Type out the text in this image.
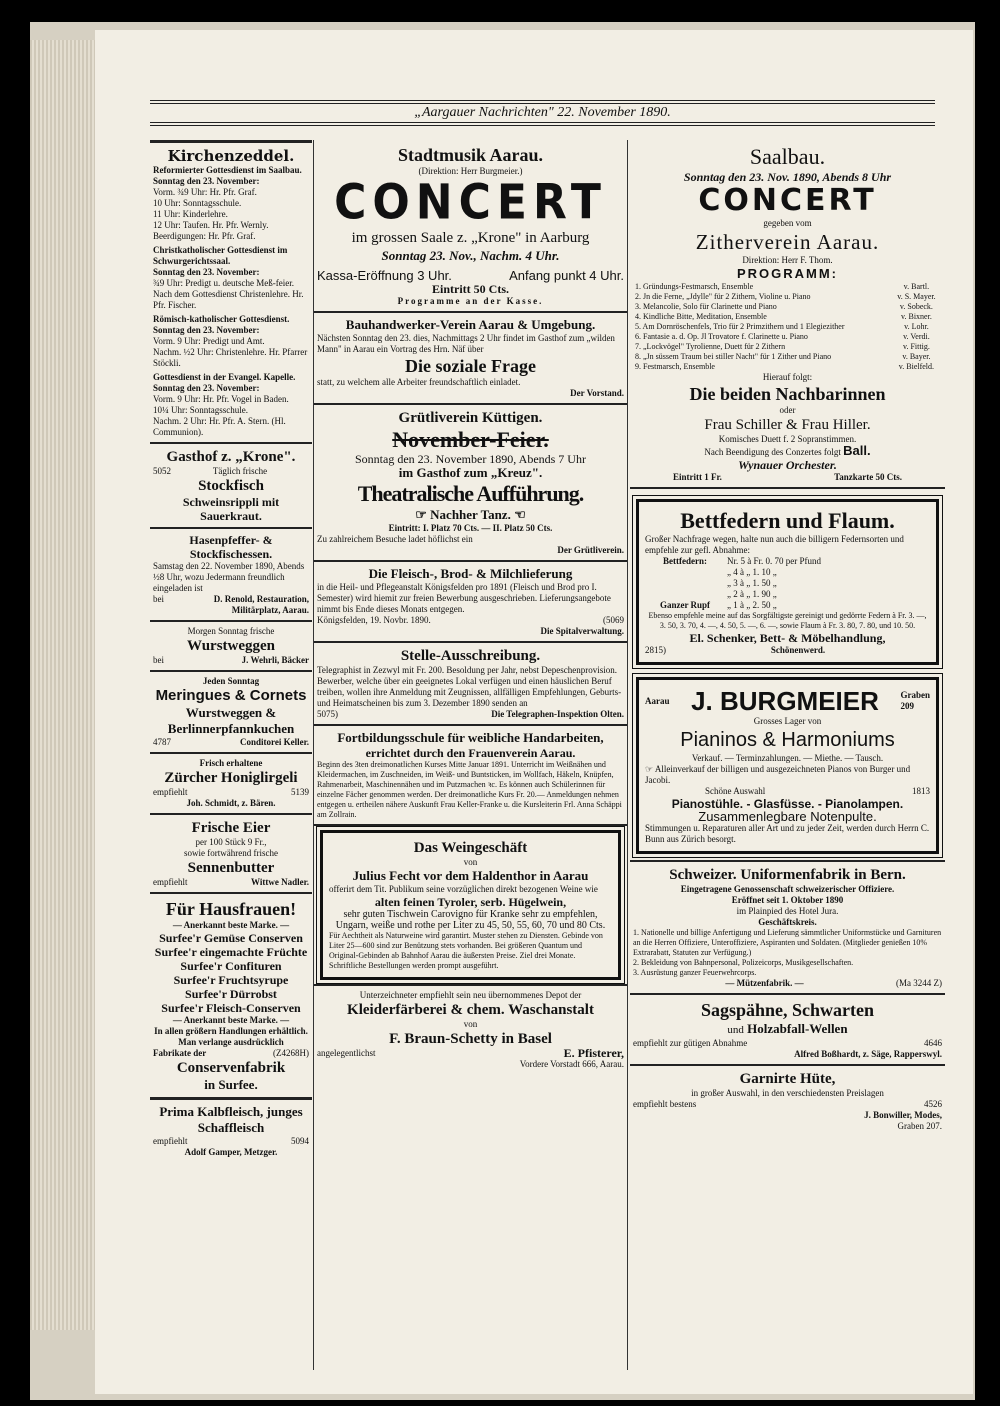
„Aargauer Nachrichten" 22. November 1890.
Kirchenzeddel.
Reformierter Gottesdienst im Saalbau.
Sonntag den 23. November:
Vorm. ¾9 Uhr: Hr. Pfr. Graf.
10 Uhr: Sonntagsschule.
11 Uhr: Kinderlehre.
12 Uhr: Taufen. Hr. Pfr. Wernly.
Beerdigungen: Hr. Pfr. Graf.
Christkatholischer Gottesdienst im Schwurgerichtssaal.
Sonntag den 23. November:
¾9 Uhr: Predigt u. deutsche Meß-feier.
Nach dem Gottesdienst Christenlehre. Hr. Pfr. Fischer.
Römisch-katholischer Gottesdienst.
Sonntag den 23. November:
Vorm. 9 Uhr: Predigt und Amt.
Nachm. ½2 Uhr: Christenlehre. Hr. Pfarrer Stöckli.
Gottesdienst in der Evangel. Kapelle.
Sonntag den 23. November:
Vorm. 9 Uhr: Hr. Pfr. Vogel in Baden.
10¼ Uhr: Sonntagsschule.
Nachm. 2 Uhr: Hr. Pfr. A. Stern. (Hl. Communion).
Gasthof z. „Krone".
5052	Täglich frische
Stockfisch
Schweinsrippli mit Sauerkraut.
Hasenpfeffer- & Stockfischessen.
Samstag den 22. November 1890, Abends ½8 Uhr, wozu Jedermann freundlich eingeladen ist
bei	D. Renold, Restauration, Militärplatz, Aarau.
Morgen Sonntag frische
Wurstweggen
bei	J. Wehrli, Bäcker
Jeden Sonntag
Meringues & Cornets
Wurstweggen &
Berlinnerpfannkuchen
4787	Conditorei Keller.
Frisch erhaltene
Zürcher Honiglirgeli
empfiehlt	5139
Joh. Schmidt, z. Bären.
Frische Eier
per 100 Stück 9 Fr.,
sowie fortwährend frische
Sennenbutter
empfiehlt	Wittwe Nadler.
Für Hausfrauen!
— Anerkannt beste Marke. —
Surfee'r Gemüse Conserven
Surfee'r eingemachte Früchte
Surfee'r Confituren
Surfee'r Fruchtsyrupe
Surfee'r Dürrobst
Surfee'r Fleisch-Conserven
— Anerkannt beste Marke. —
In allen größern Handlungen erhältlich.
Man verlange ausdrücklich
Fabrikate der	(Z4268H)
Conservenfabrik
in Surfee.
Prima Kalbfleisch, junges Schaffleisch
empfiehlt	5094
Adolf Gamper, Metzger.
Stadtmusik Aarau.
(Direktion: Herr Burgmeier.)
CONCERT
im grossen Saale z. „Krone" in Aarburg
Sonntag 23. Nov., Nachm. 4 Uhr.
Kassa-Eröffnung 3 Uhr.	Anfang punkt 4 Uhr.
Eintritt 50 Cts.
Programme an der Kasse.
Bauhandwerker-Verein Aarau & Umgebung.
Nächsten Sonntag den 23. dies, Nachmittags 2 Uhr findet im Gasthof zum „wilden Mann" in Aarau ein Vortrag des Hrn. Näf über
Die soziale Frage
statt, zu welchem alle Arbeiter freundschaftlich einladet.
Der Vorstand.
Grütliverein Küttigen.
November-Feier.
Sonntag den 23. November 1890, Abends 7 Uhr
im Gasthof zum „Kreuz".
Theatralische Aufführung.
☞ Nachher Tanz. ☜
Eintritt: I. Platz 70 Cts. — II. Platz 50 Cts.
Zu zahlreichem Besuche ladet höflichst ein
Der Grütliverein.
Die Fleisch-, Brod- & Milchlieferung
in die Heil- und Pflegeanstalt Königsfelden pro 1891 (Fleisch und Brod pro I. Semester) wird hiemit zur freien Bewerbung ausgeschrieben. Lieferungsangebote nimmt bis Ende dieses Monats entgegen.
Königsfelden, 19. Novbr. 1890.	(5069
Die Spitalverwaltung.
Stelle-Ausschreibung.
Telegraphist in Zezwyl mit Fr. 200. Besoldung per Jahr, nebst Depeschenprovision. Bewerber, welche über ein geeignetes Lokal verfügen und einen häuslichen Beruf treiben, wollen ihre Anmeldung mit Zeugnissen, allfälligen Empfehlungen, Geburts- und Heimatscheinen bis zum 3. Dezember 1890 senden an
5075)	Die Telegraphen-Inspektion Olten.
Fortbildungsschule für weibliche Handarbeiten,
errichtet durch den Frauenverein Aarau.
Beginn des 3ten dreimonatlichen Kurses Mitte Januar 1891. Unterricht im Weißnähen und Kleidermachen, im Zuschneiden, im Weiß- und Buntsticken, im Wollfach, Häkeln, Knüpfen, Rahmenarbeit, Maschinennähen und im Putzmachen ꝛc. Es können auch Schülerinnen für einzelne Fächer genommen werden. Der dreimonatliche Kurs Fr. 20.— Anmeldungen nehmen entgegen u. ertheilen nähere Auskunft Frau Keller-Franke u. die Kursleiterin Frl. Anna Schäppi am Zollrain.
Das Weingeschäft
von
Julius Fecht vor dem Haldenthor in Aarau
offerirt dem Tit. Publikum seine vorzüglichen direkt bezogenen Weine wie
alten feinen Tyroler, serb. Hügelwein,
sehr guten Tischwein Carovigno für Kranke sehr zu empfehlen, Ungarn, weiße und rothe per Liter zu 45, 50, 55, 60, 70 und 80 Cts.
Für Aechtheit als Naturweine wird garantirt. Muster stehen zu Diensten. Gebinde von Liter 25—600 sind zur Benützung stets vorhanden. Bei größeren Quantum und Original-Gebinden ab Bahnhof Aarau die äußersten Preise. Ziel drei Monate. Schriftliche Bestellungen werden prompt ausgeführt.
Unterzeichneter empfiehlt sein neu übernommenes Depot der
Kleiderfärberei & chem. Waschanstalt
von
F. Braun-Schetty in Basel
angelegentlichst	E. Pfisterer,
Vordere Vorstadt 666, Aarau.
Saalbau.
Sonntag den 23. Nov. 1890, Abends 8 Uhr
CONCERT
gegeben vom
Zitherverein Aarau.
Direktion: Herr F. Thom.
PROGRAMM:
1. Gründungs-Festmarsch, Ensemble	v. Bartl.
2. Jn die Ferne, „Jdylle" für 2 Zithern, Violine u. Piano	v. S. Mayer.
3. Melancolie, Solo für Clarinette und Piano	v. Sobeck.
4. Kindliche Bitte, Meditation, Ensemble	v. Bixner.
5. Am Dornröschenfels, Trio für 2 Primzithern und 1 Elegiezither	v. Lohr.
6. Fantasie a. d. Op. Jl Trovatore f. Clarinette u. Piano	v. Verdi.
7. „Lockvögel" Tyrolienne, Duett für 2 Zithern	v. Fittig.
8. „Jn süssem Traum bei stiller Nacht" für 1 Zither und Piano	v. Bayer.
9. Festmarsch, Ensemble	v. Bielfeld.
Hierauf folgt:
Die beiden Nachbarinnen
oder
Frau Schiller & Frau Hiller.
Komisches Duett f. 2 Sopranstimmen.
Nach Beendigung des Conzertes folgt Ball.
Wynauer Orchester.
Eintritt 1 Fr.	Tanzkarte 50 Cts.
Bettfedern und Flaum.
Großer Nachfrage wegen, halte nun auch die billigern Federnsorten und empfehle zur gefl. Abnahme:
Bettfedern:	Nr. 5 à Fr. 0. 70 per Pfund
	„ 4 à „ 1. 10 „
	„ 3 à „ 1. 50 „
	„ 2 à „ 1. 90 „
Ganzer Rupf	„ 1 à „ 2. 50 „
Ebenso empfehle meine auf das Sorgfältigste gereinigt und gedörrte Federn à Fr. 3. —, 3. 50, 3. 70, 4. —, 4. 50, 5. —, 6. —, sowie Flaum à Fr. 3. 80, 7. 80, und 10. 50.
El. Schenker, Bett- & Möbelhandlung,
2815)	Schönenwerd.
Aarau J. BURGMEIER Graben
209
Grosses Lager von
Pianinos & Harmoniums
Verkauf. — Terminzahlungen. — Miethe. — Tausch.
☞ Alleinverkauf der billigen und ausgezeichneten Pianos von Burger und Jacobi.
Schöne Auswahl	1813
Pianostühle. - Glasfüsse. - Pianolampen.
Zusammenlegbare Notenpulte.
Stimmungen u. Reparaturen aller Art und zu jeder Zeit, werden durch Herrn C. Bunn aus Zürich besorgt.
Schweizer. Uniformenfabrik in Bern.
Eingetragene Genossenschaft schweizerischer Offiziere.
Eröffnet seit 1. Oktober 1890
im Plainpied des Hotel Jura.
Geschäftskreis.
1. Nationelle und billige Anfertigung und Lieferung sämmtlicher Uniformstücke und Garnituren an die Herren Offiziere, Unteroffiziere, Aspiranten und Soldaten. (Mitglieder genießen 10% Extrarabatt, Statuten zur Verfügung.)
2. Bekleidung von Bahnpersonal, Polizeicorps, Musikgesellschaften.
3. Ausrüstung ganzer Feuerwehrcorps.
— Mützenfabrik. —	(Ma 3244 Z)
Sagspähne, Schwarten
und Holzabfall-Wellen
empfiehlt zur gütigen Abnahme	4646
Alfred Boßhardt, z. Säge, Rapperswyl.
Garnirte Hüte,
in großer Auswahl, in den verschiedensten Preislagen
empfiehlt bestens	4526
J. Bonwiller, Modes,
Graben 207.
